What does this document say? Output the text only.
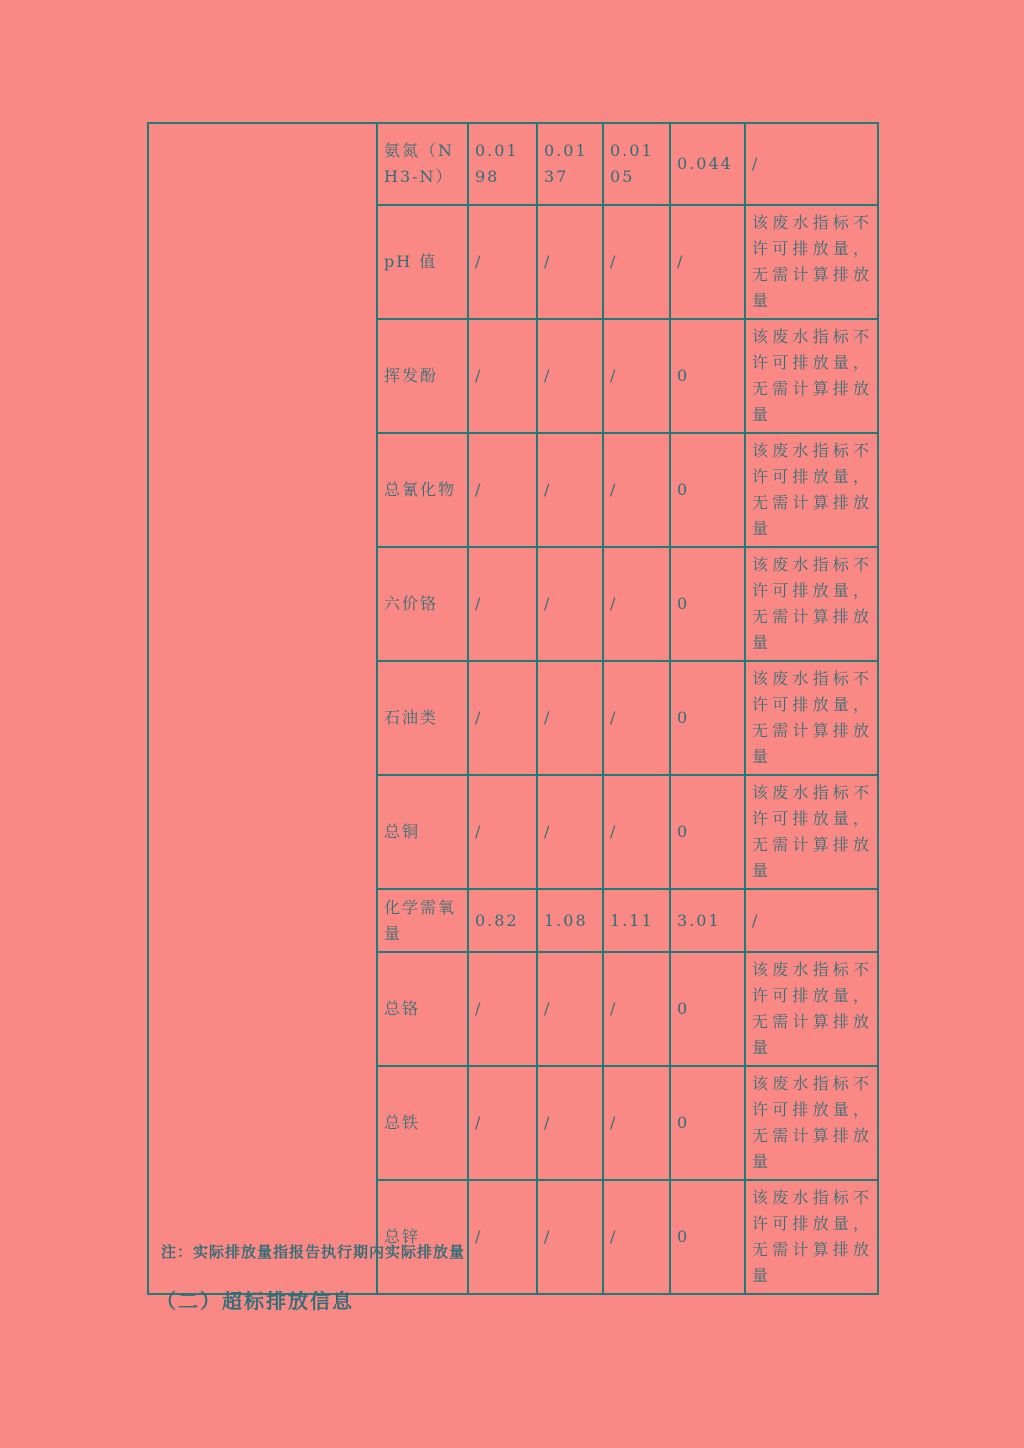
	氨氮（NH3-N）	0.0198	0.0137	0.0105	0.044	/
	pH 值	/	/	/	/	该废水指标不许可排放量，无需计算排放量
	挥发酚	/	/	/	0	该废水指标不许可排放量，无需计算排放量
	总氰化物	/	/	/	0	该废水指标不许可排放量，无需计算排放量
	六价铬	/	/	/	0	该废水指标不许可排放量，无需计算排放量
	石油类	/	/	/	0	该废水指标不许可排放量，无需计算排放量
	总铜	/	/	/	0	该废水指标不许可排放量，无需计算排放量
	化学需氧量	0.82	1.08	1.11	3.01	/
	总铬	/	/	/	0	该废水指标不许可排放量，无需计算排放量
	总铁	/	/	/	0	该废水指标不许可排放量，无需计算排放量
	总锌	/	/	/	0	该废水指标不许可排放量，无需计算排放量
注：实际排放量指报告执行期内实际排放量
（二）超标排放信息
